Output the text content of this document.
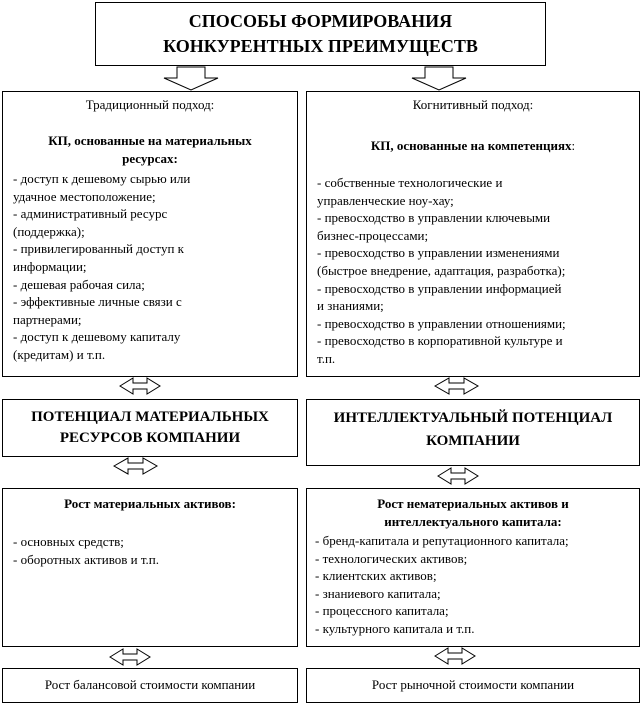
СПОСОБЫ ФОРМИРОВАНИЯ
КОНКУРЕНТНЫХ ПРЕИМУЩЕСТВ
Традиционный подход:
КП, основанные на материальных
ресурсах:
- доступ к дешевому сырью или
удачное местоположение;
- административный ресурс
(поддержка);
- привилегированный доступ к
информации;
- дешевая рабочая сила;
- эффективные личные связи с
партнерами;
- доступ к дешевому капиталу
(кредитам) и т.п.
Когнитивный подход:
КП, основанные на компетенциях:
- собственные технологические и
управленческие ноу-хау;
- превосходство в управлении ключевыми
бизнес-процессами;
- превосходство в управлении изменениями
(быстрое внедрение, адаптация, разработка);
- превосходство в управлении информацией
и знаниями;
- превосходство в управлении отношениями;
- превосходство в корпоративной культуре и
т.п.
ПОТЕНЦИАЛ МАТЕРИАЛЬНЫХ
РЕСУРСОВ КОМПАНИИ
ИНТЕЛЛЕКТУАЛЬНЫЙ ПОТЕНЦИАЛ
КОМПАНИИ
Рост материальных активов:
- основных средств;
- оборотных активов и т.п.
Рост нематериальных активов и
интеллектуального капитала:
- бренд-капитала и репутационного капитала;
- технологических активов;
- клиентских активов;
- знаниевого капитала;
- процессного капитала;
- культурного капитала и т.п.
Рост балансовой стоимости компании	Рост рыночной стоимости компании
